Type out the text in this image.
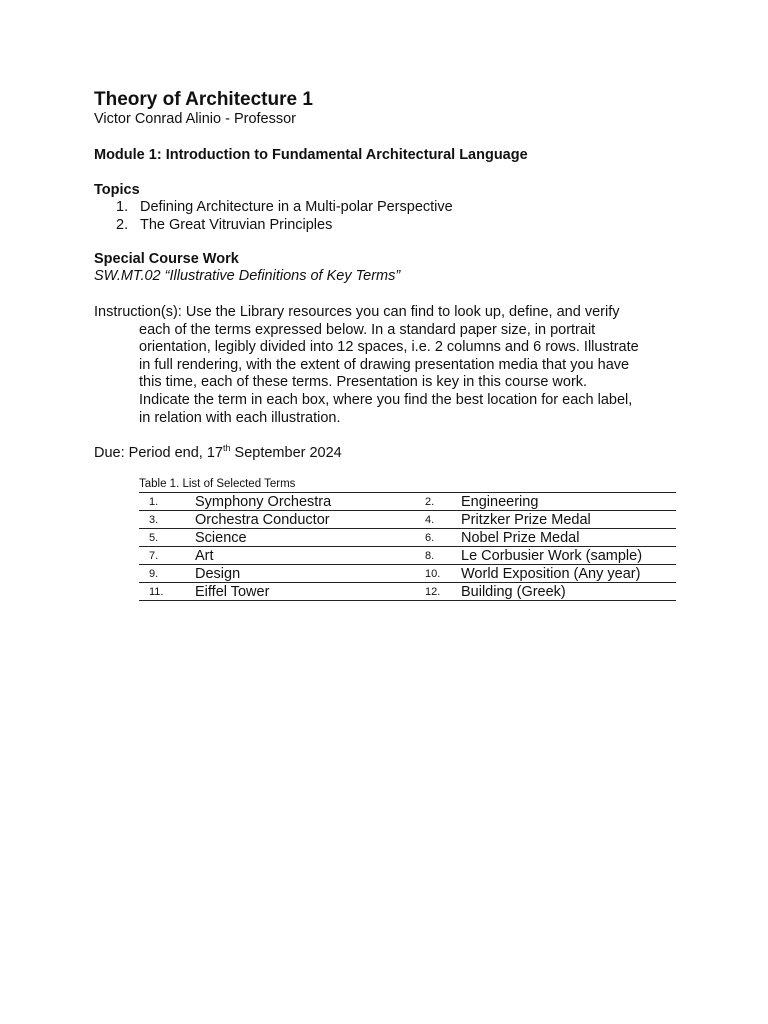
Theory of Architecture 1
Victor Conrad Alinio - Professor
Module 1: Introduction to Fundamental Architectural Language
Topics
1. Defining Architecture in a Multi-polar Perspective
2. The Great Vitruvian Principles
Special Course Work
SW.MT.02 “Illustrative Definitions of Key Terms”
Instruction(s): Use the Library resources you can find to look up, define, and verify
each of the terms expressed below. In a standard paper size, in portrait
orientation, legibly divided into 12 spaces, i.e. 2 columns and 6 rows. Illustrate
in full rendering, with the extent of drawing presentation media that you have
this time, each of these terms. Presentation is key in this course work.
Indicate the term in each box, where you find the best location for each label,
in relation with each illustration.
Due: Period end, 17th September 2024
Table 1. List of Selected Terms
1.	Symphony Orchestra	2.	Engineering
3.	Orchestra Conductor	4.	Pritzker Prize Medal
5.	Science	6.	Nobel Prize Medal
7.	Art	8.	Le Corbusier Work (sample)
9.	Design	10.	World Exposition (Any year)
11.	Eiffel Tower	12.	Building (Greek)
